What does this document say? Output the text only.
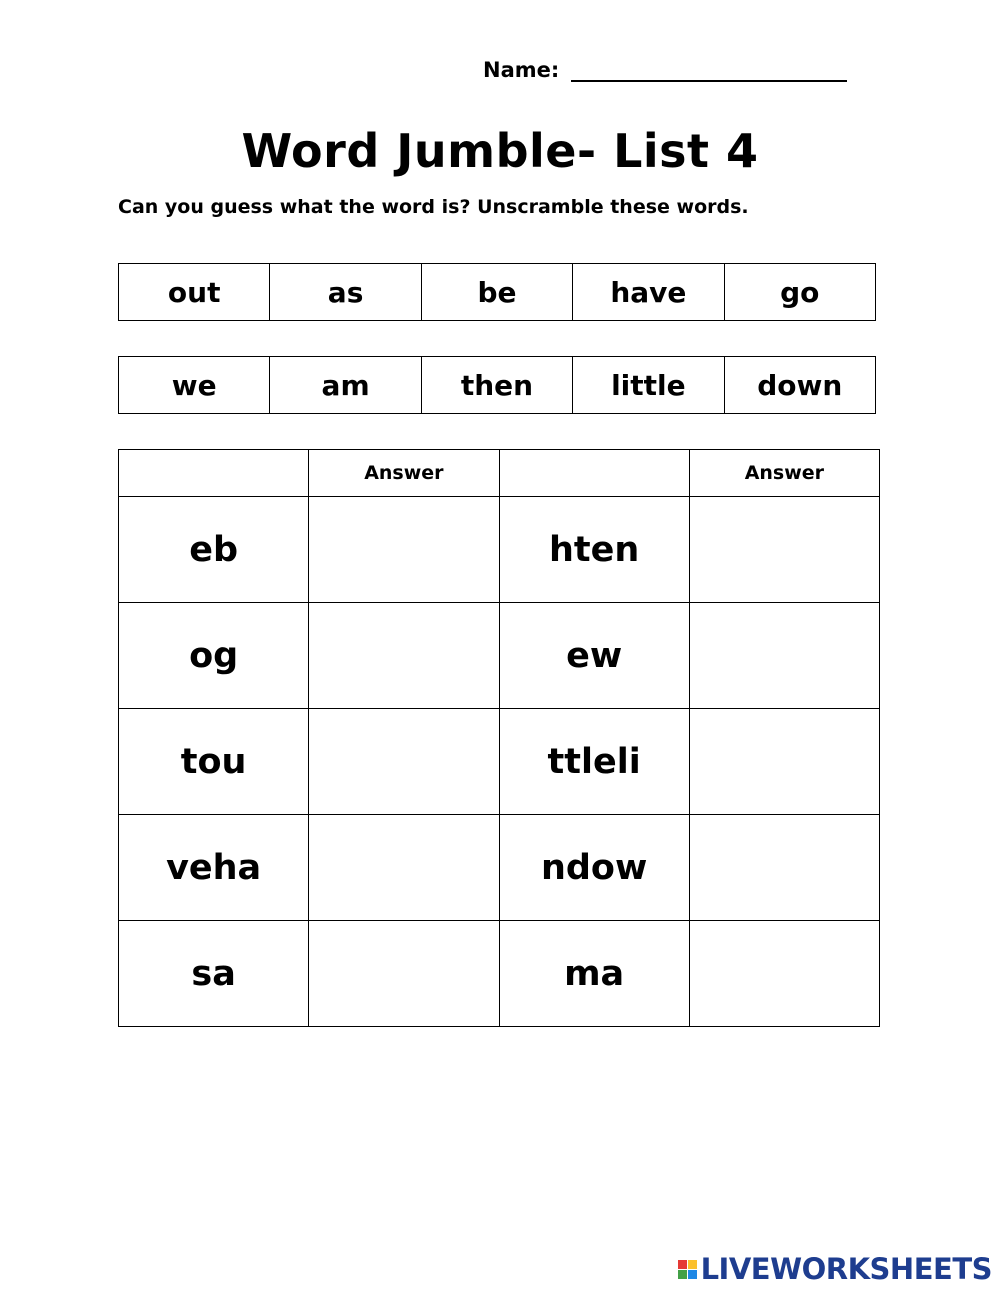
Name:
Word Jumble- List 4
Can you guess what the word is? Unscramble these words.
out	as	be	have	go
we	am	then	little	down
	Answer		Answer
eb		hten	
og		ew	
tou		ttleli	
veha		ndow	
sa		ma	
LIVEWORKSHEETS
